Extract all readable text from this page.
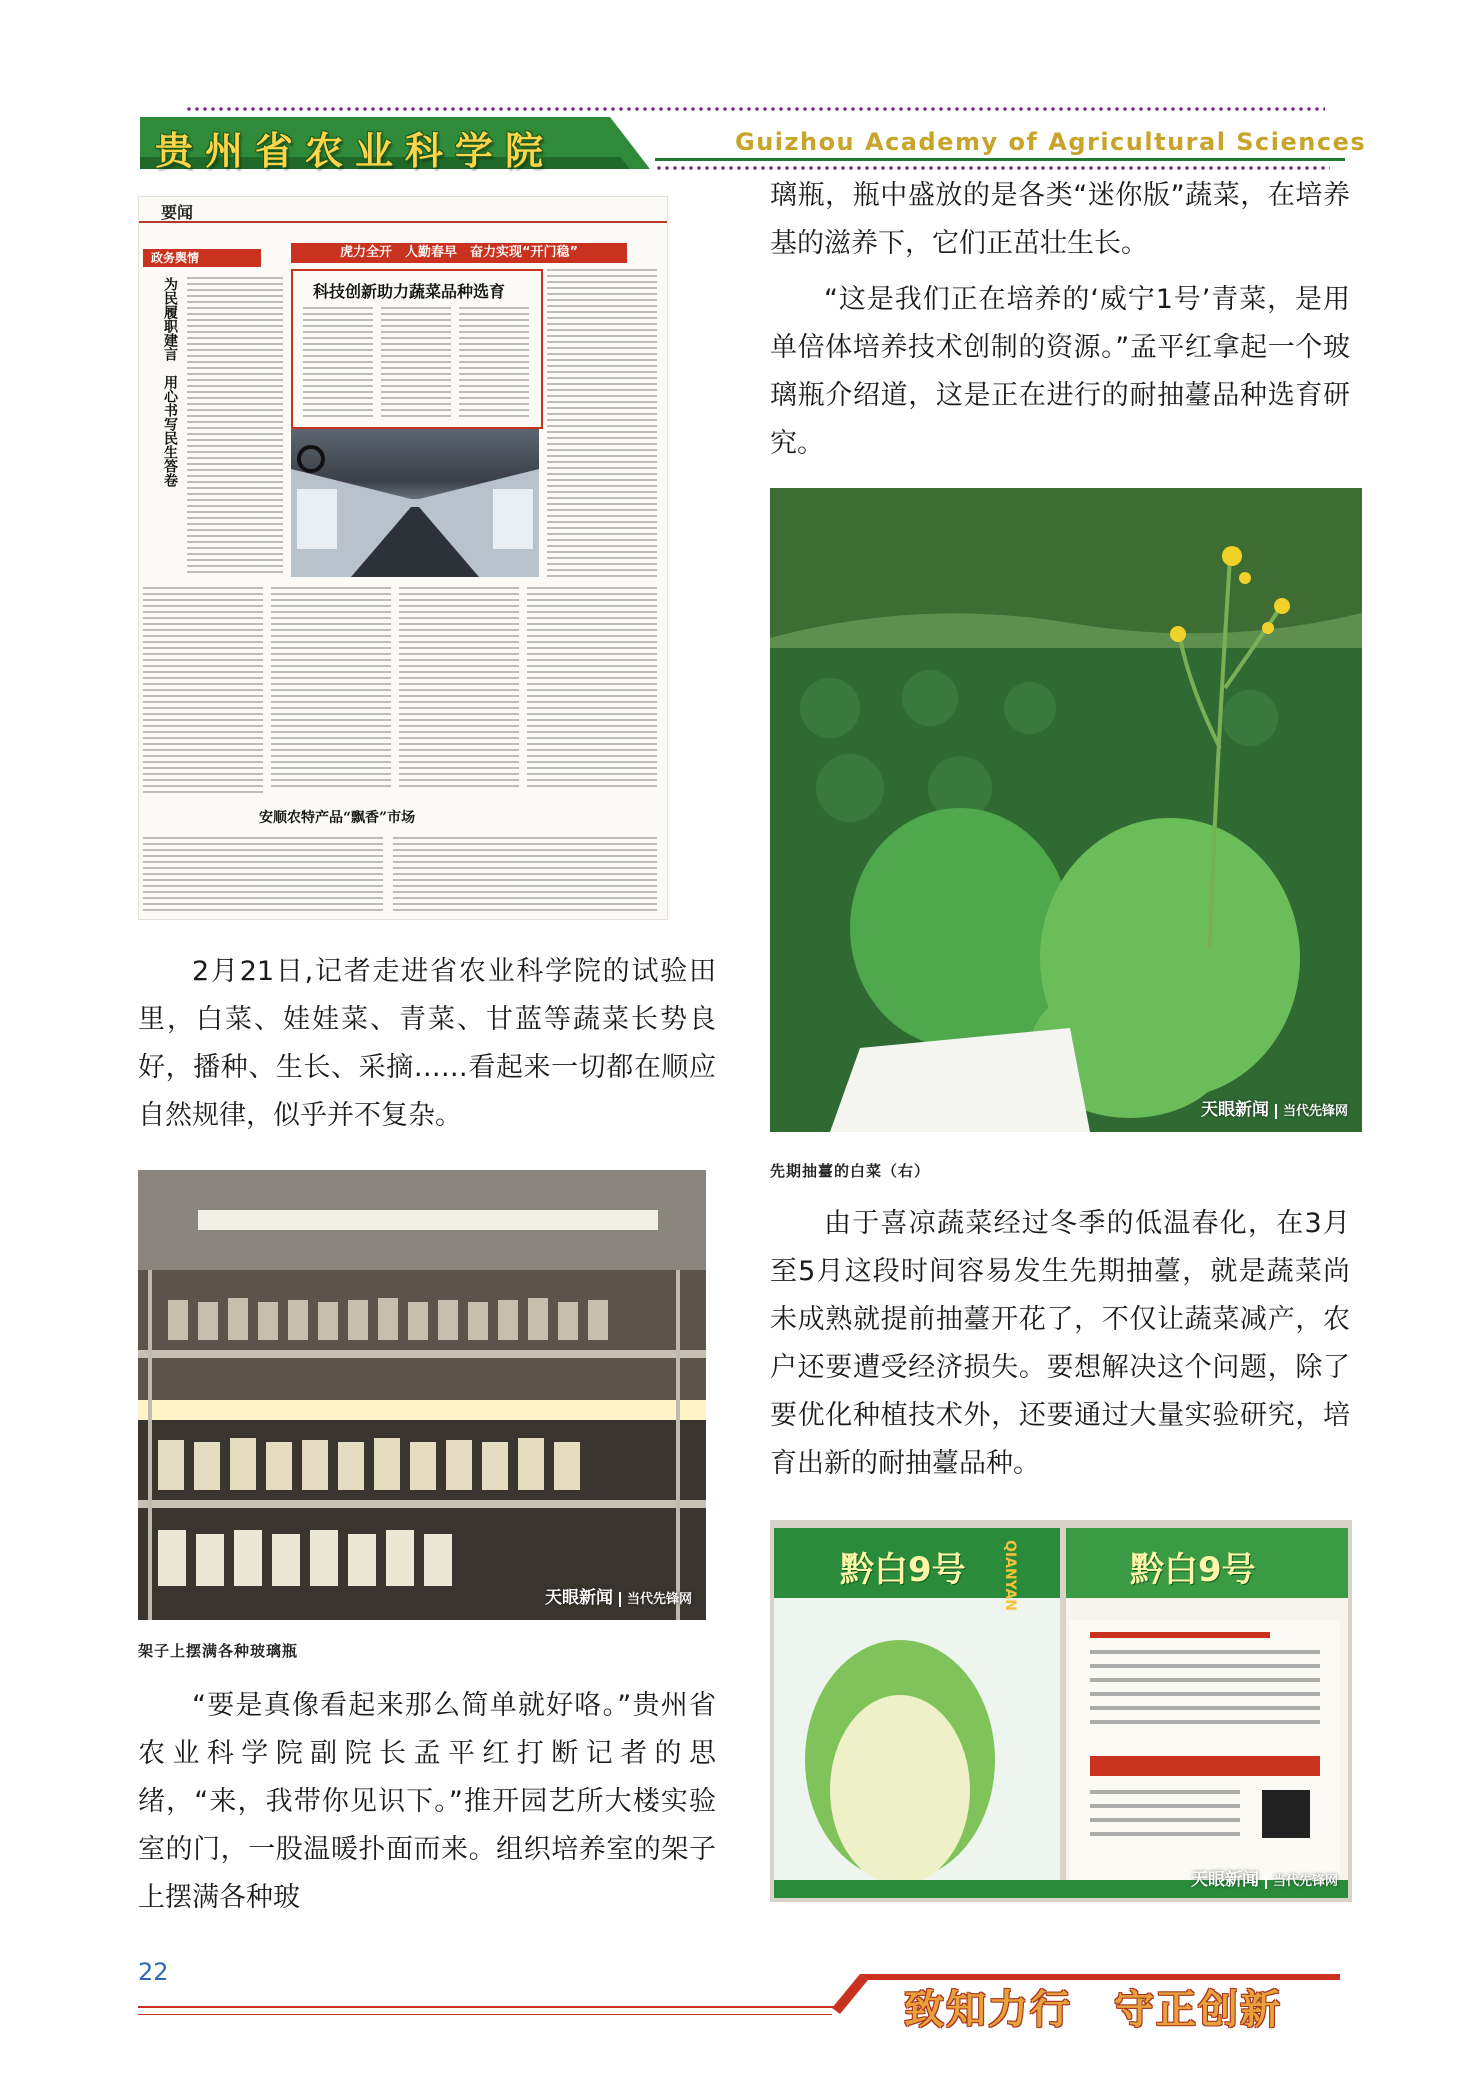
贵州省农业科学院	Guizhou Academy of Agricultural Sciences
要闻
政务舆情	虎力全开　人勤春早　奋力实现“开门稳”
为民履职建言　用心书写民生答卷	科技创新助力蔬菜品种选育
安顺农特产品“飘香”市场
2月21日,记者走进省农业科学院的试验田里，白菜、娃娃菜、青菜、甘蓝等蔬菜长势良好，播种、生长、采摘……看起来一切都在顺应自然规律，似乎并不复杂。
天眼新闻 当代先锋网
架子上摆满各种玻璃瓶
“要是真像看起来那么简单就好咯。”贵州省农业科学院副院长孟平红打断记者的思绪，“来，我带你见识下。”推开园艺所大楼实验室的门，一股温暖扑面而来。组织培养室的架子上摆满各种玻
璃瓶，瓶中盛放的是各类“迷你版”蔬菜，在培养基的滋养下，它们正茁壮生长。
“这是我们正在培养的‘威宁1号’青菜，是用单倍体培养技术创制的资源。”孟平红拿起一个玻璃瓶介绍道，这是正在进行的耐抽薹品种选育研究。
天眼新闻 当代先锋网
先期抽薹的白菜（右）
由于喜凉蔬菜经过冬季的低温春化，在3月至5月这段时间容易发生先期抽薹，就是蔬菜尚未成熟就提前抽薹开花了，不仅让蔬菜减产，农户还要遭受经济损失。要想解决这个问题，除了要优化种植技术外，还要通过大量实验研究，培育出新的耐抽薹品种。
黔白9号	黔白9号
QIANYAN
天眼新闻 当代先锋网
22
致知力行　守正创新
